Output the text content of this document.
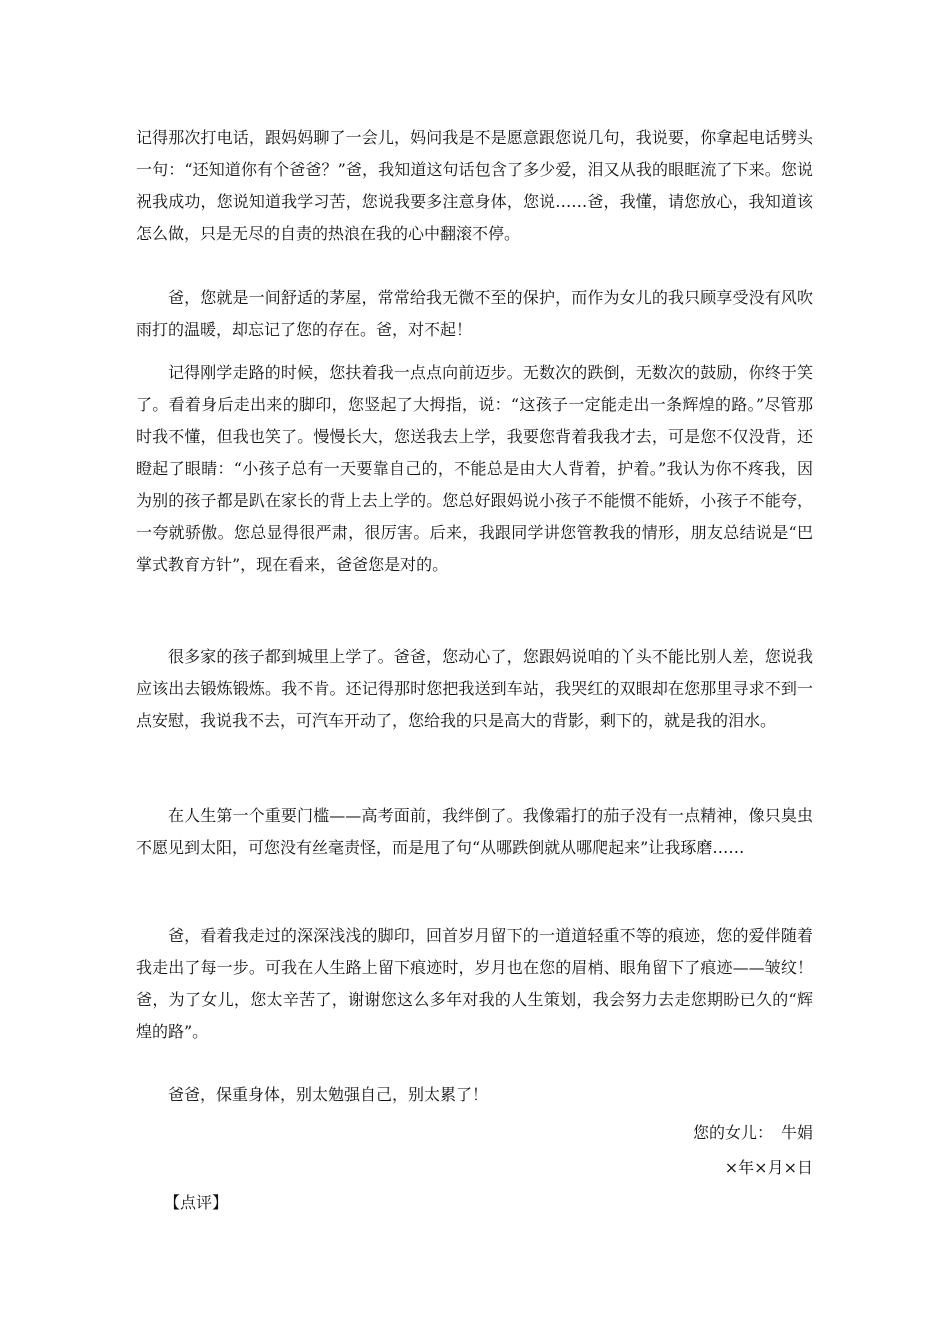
记得那次打电话，跟妈妈聊了一会儿，妈问我是不是愿意跟您说几句，我说要，你拿起电话劈头一句：“还知道你有个爸爸？”爸，我知道这句话包含了多少爱，泪又从我的眼眶流了下来。您说祝我成功，您说知道我学习苦，您说我要多注意身体，您说……爸，我懂，请您放心，我知道该怎么做，只是无尽的自责的热浪在我的心中翻滚不停。

爸，您就是一间舒适的茅屋，常常给我无微不至的保护，而作为女儿的我只顾享受没有风吹雨打的温暖，却忘记了您的存在。爸，对不起！

记得刚学走路的时候，您扶着我一点点向前迈步。无数次的跌倒，无数次的鼓励，你终于笑了。看着身后走出来的脚印，您竖起了大拇指，说：“这孩子一定能走出一条辉煌的路。”尽管那时我不懂，但我也笑了。慢慢长大，您送我去上学，我要您背着我我才去，可是您不仅没背，还瞪起了眼睛：“小孩子总有一天要靠自己的，不能总是由大人背着，护着。”我认为你不疼我，因为别的孩子都是趴在家长的背上去上学的。您总好跟妈说小孩子不能惯不能娇，小孩子不能夸，一夸就骄傲。您总显得很严肃，很厉害。后来，我跟同学讲您管教我的情形，朋友总结说是“巴掌式教育方针”，现在看来，爸爸您是对的。

很多家的孩子都到城里上学了。爸爸，您动心了，您跟妈说咱的丫头不能比别人差，您说我应该出去锻炼锻炼。我不肯。还记得那时您把我送到车站，我哭红的双眼却在您那里寻求不到一点安慰，我说我不去，可汽车开动了，您给我的只是高大的背影，剩下的，就是我的泪水。

在人生第一个重要门槛——高考面前，我绊倒了。我像霜打的茄子没有一点精神，像只臭虫不愿见到太阳，可您没有丝毫责怪，而是甩了句“从哪跌倒就从哪爬起来”让我琢磨……

爸，看着我走过的深深浅浅的脚印，回首岁月留下的一道道轻重不等的痕迹，您的爱伴随着我走出了每一步。可我在人生路上留下痕迹时，岁月也在您的眉梢、眼角留下了痕迹——皱纹！爸，为了女儿，您太辛苦了，谢谢您这么多年对我的人生策划，我会努力去走您期盼已久的“辉煌的路”。

爸爸，保重身体，别太勉强自己，别太累了！

您的女儿：　牛娟

×年×月×日

【点评】
